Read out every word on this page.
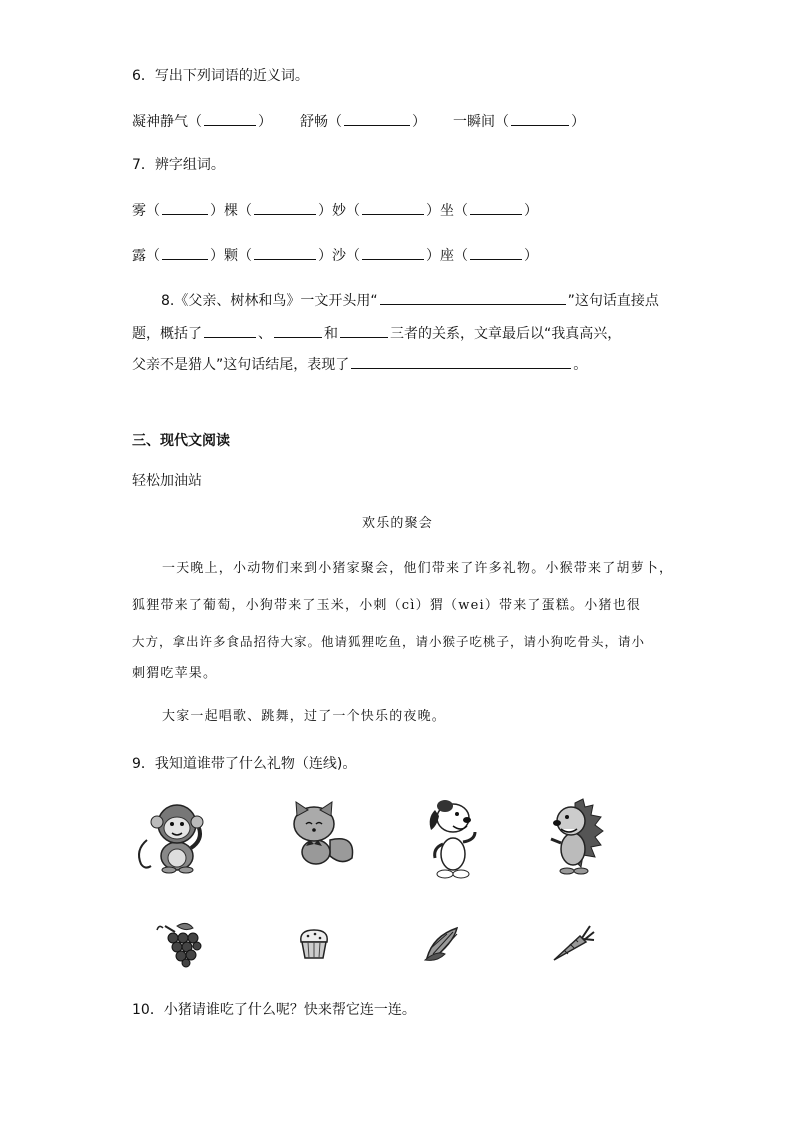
6．写出下列词语的近义词。
凝神静气（	） 舒畅（	） 一瞬间（	）
7．辨字组词。
雾（	）棵（	）妙（	）坐（	）
露（	）颗（	）沙（	）座（	）
8.《父亲、树林和鸟》一文开头用“	”这句话直接点
题，概括了	、	和	三者的关系，文章最后以“我真高兴，
父亲不是猎人”这句话结尾，表现了	。
三、现代文阅读
轻松加油站
欢乐的聚会
一天晚上，小动物们来到小猪家聚会，他们带来了许多礼物。小猴带来了胡萝卜，
狐狸带来了葡萄，小狗带来了玉米，小刺（cì）猬（wei）带来了蛋糕。小猪也很
大方，拿出许多食品招待大家。他请狐狸吃鱼，请小猴子吃桃子，请小狗吃骨头，请小
刺猬吃苹果。
大家一起唱歌、跳舞，过了一个快乐的夜晚。
9．我知道谁带了什么礼物（连线)。
10．小猪请谁吃了什么呢？快来帮它连一连。
